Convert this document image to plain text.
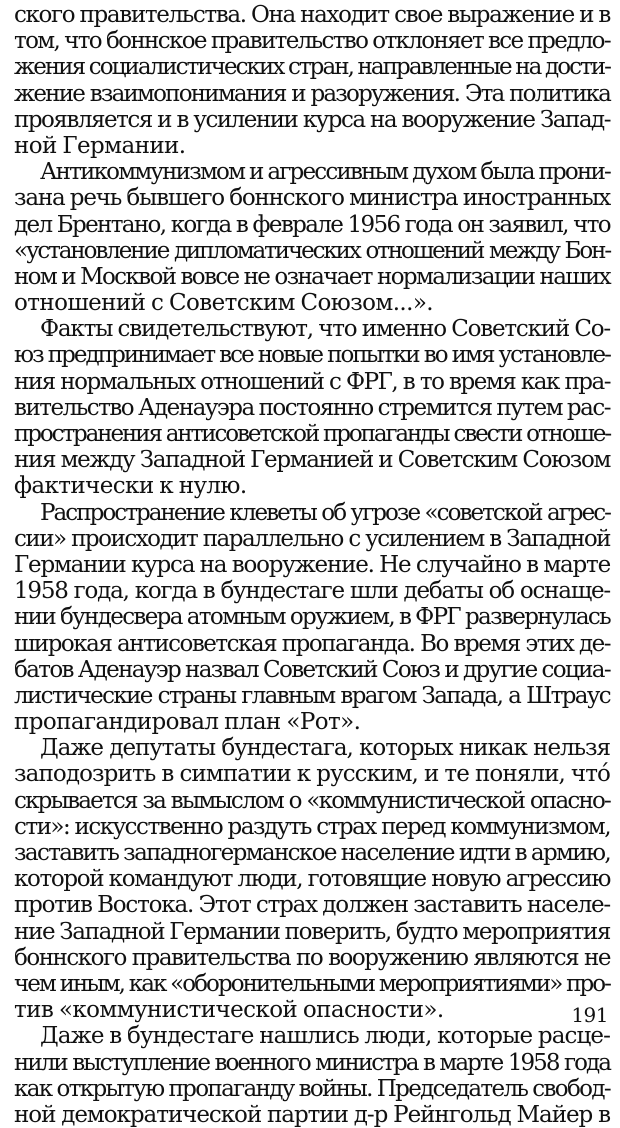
ского правительства. Она находит свое выражение и в
том, что боннское правительство отклоняет все предло-
жения социалистических стран, направленные на дости-
жение взаимопонимания и разоружения. Эта политика
проявляется и в усилении курса на вооружение Запад-
ной Германии.
Антикоммунизмом и агрессивным духом была прони-
зана речь бывшего боннского министра иностранных
дел Брентано, когда в феврале 1956 года он заявил, что
«установление дипломатических отношений между Бон-
ном и Москвой вовсе не означает нормализации наших
отношений с Советским Союзом...».
Факты свидетельствуют, что именно Советский Со-
юз предпринимает все новые попытки во имя установле-
ния нормальных отношений с ФРГ, в то время как пра-
вительство Аденауэра постоянно стремится путем рас-
пространения антисоветской пропаганды свести отноше-
ния между Западной Германией и Советским Союзом
фактически к нулю.
Распространение клеветы об угрозе «советской агрес-
сии» происходит параллельно с усилением в Западной
Германии курса на вооружение. Не случайно в марте
1958 года, когда в бундестаге шли дебаты об оснаще-
нии бундесвера атомным оружием, в ФРГ развернулась
широкая антисоветская пропаганда. Во время этих де-
батов Аденауэр назвал Советский Союз и другие социа-
листические страны главным врагом Запада, а Штраус
пропагандировал план «Рот».
Даже депутаты бундестага, которых никак нельзя
заподозрить в симпатии к русским, и те поняли, что́
скрывается за вымыслом о «коммунистической опасно-
сти»: искусственно раздуть страх перед коммунизмом,
заставить западногерманское население идти в армию,
которой командуют люди, готовящие новую агрессию
против Востока. Этот страх должен заставить населе-
ние Западной Германии поверить, будто мероприятия
боннского правительства по вооружению являются не
чем иным, как «оборонительными мероприятиями» про-
тив «коммунистической опасности».
Даже в бундестаге нашлись люди, которые расце-
нили выступление военного министра в марте 1958 года
как открытую пропаганду войны. Председатель свобод-
ной демократической партии д-р Рейнгольд Майер в
191
